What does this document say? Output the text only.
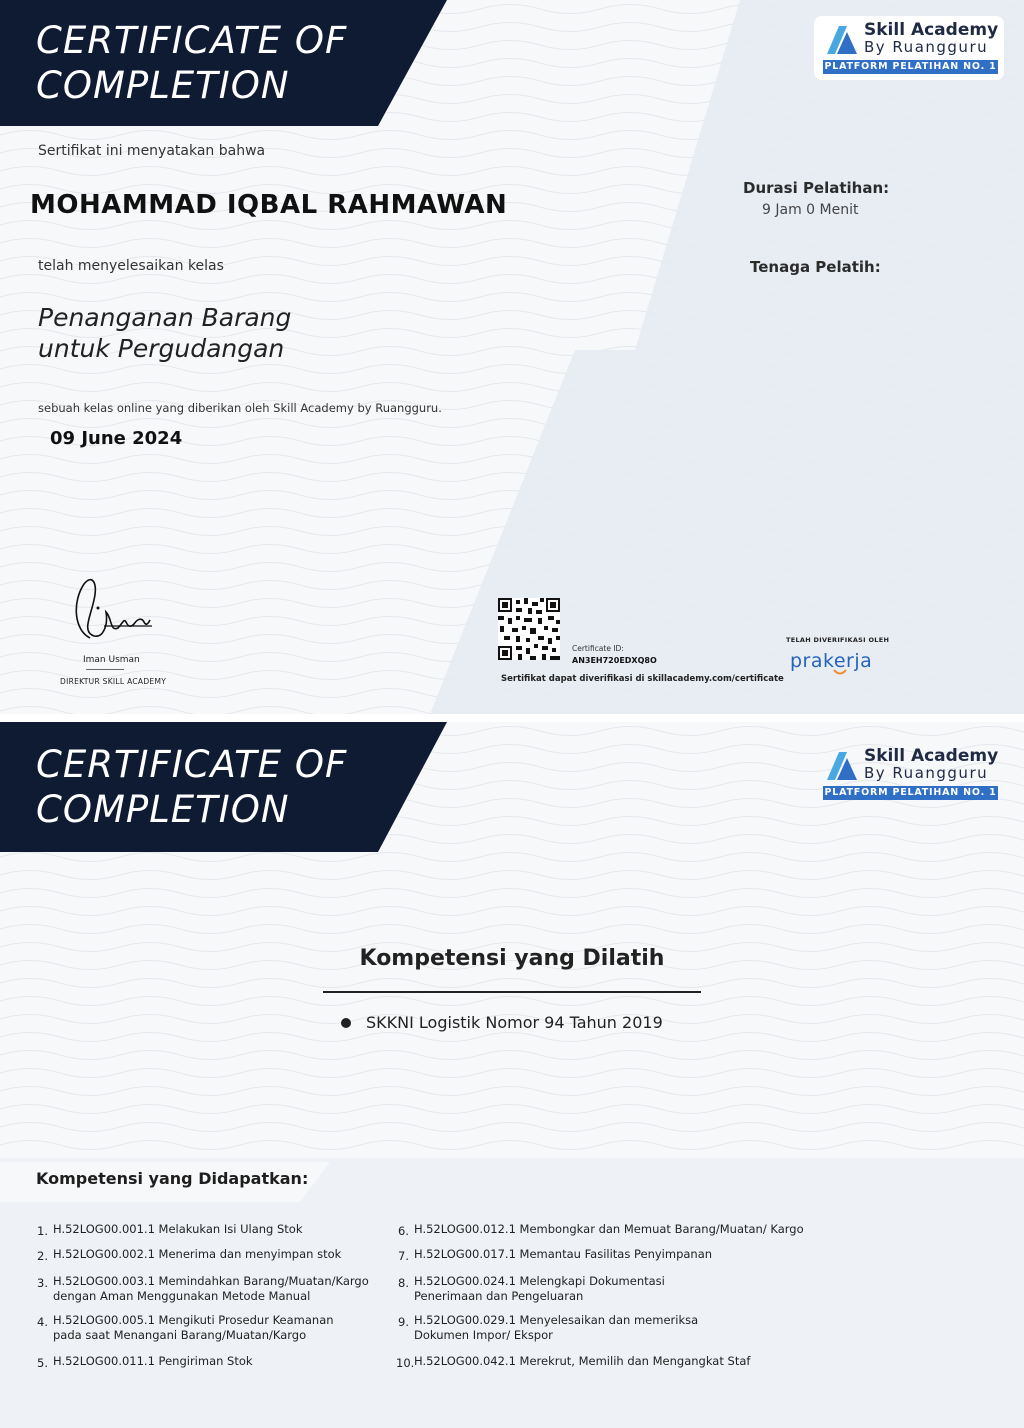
CERTIFICATE OF
COMPLETION
Skill Academy
By Ruangguru
PLATFORM PELATIHAN NO. 1
Sertifikat ini menyatakan bahwa
MOHAMMAD IQBAL RAHMAWAN
telah menyelesaikan kelas
Penanganan Barang
untuk Pergudangan
sebuah kelas online yang diberikan oleh Skill Academy by Ruangguru.
09 June 2024
Durasi Pelatihan:
9 Jam 0 Menit
Tenaga Pelatih:
Iman Usman
DIREKTUR SKILL ACADEMY
Certificate ID:
AN3EH720EDXQ8O
Sertifikat dapat diverifikasi di skillacademy.com/certificate
TELAH DIVERIFIKASI OLEH
prakerja
CERTIFICATE OF
COMPLETION
Skill Academy
By Ruangguru
PLATFORM PELATIHAN NO. 1
Kompetensi yang Dilatih
SKKNI Logistik Nomor 94 Tahun 2019
Kompetensi yang Didapatkan:
1. H.52LOG00.001.1 Melakukan Isi Ulang Stok
2. H.52LOG00.002.1 Menerima dan menyimpan stok
3. H.52LOG00.003.1 Memindahkan Barang/Muatan/Kargo
dengan Aman Menggunakan Metode Manual
4. H.52LOG00.005.1 Mengikuti Prosedur Keamanan
pada saat Menangani Barang/Muatan/Kargo
5. H.52LOG00.011.1 Pengiriman Stok
6. H.52LOG00.012.1 Membongkar dan Memuat Barang/Muatan/ Kargo
7. H.52LOG00.017.1 Memantau Fasilitas Penyimpanan
8. H.52LOG00.024.1 Melengkapi Dokumentasi
Penerimaan dan Pengeluaran
9. H.52LOG00.029.1 Menyelesaikan dan memeriksa
Dokumen Impor/ Ekspor
10. H.52LOG00.042.1 Merekrut, Memilih dan Mengangkat Staf
